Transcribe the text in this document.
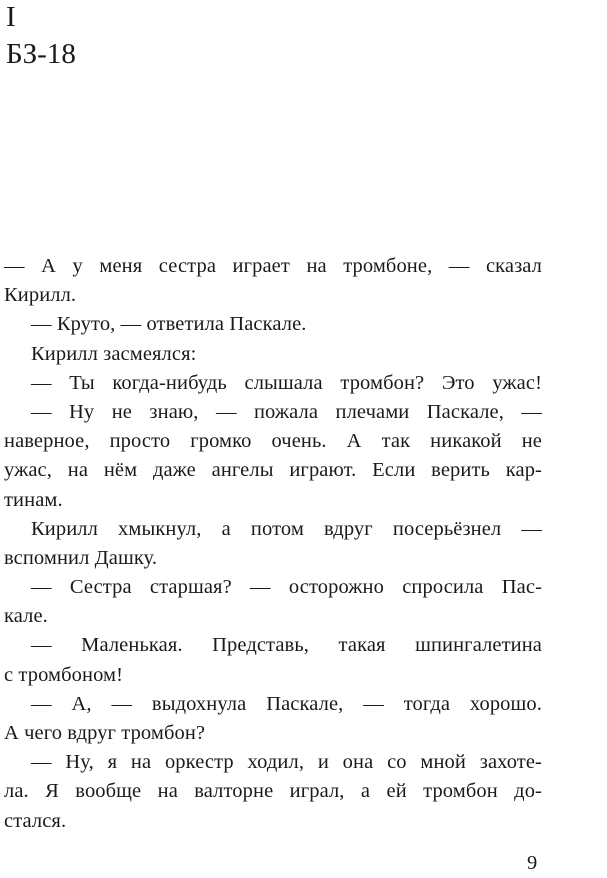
I
БЗ-18
— А у меня сестра играет на тромбоне, — сказал
Кирилл.
— Круто, — ответила Паскале.
Кирилл засмеялся:
— Ты когда-нибудь слышала тромбон? Это ужас!
— Ну не знаю, — пожала плечами Паскале, —
наверное, просто громко очень. А так никакой не
ужас, на нём даже ангелы играют. Если верить кар-
тинам.
Кирилл хмыкнул, а потом вдруг посерьёзнел —
вспомнил Дашку.
— Сестра старшая? — осторожно спросила Пас-
кале.
— Маленькая. Представь, такая шпингалетина
с тромбоном!
— А, — выдохнула Паскале, — тогда хорошо.
А чего вдруг тромбон?
— Ну, я на оркестр ходил, и она со мной захоте-
ла. Я вообще на валторне играл, а ей тромбон до-
стался.
9
